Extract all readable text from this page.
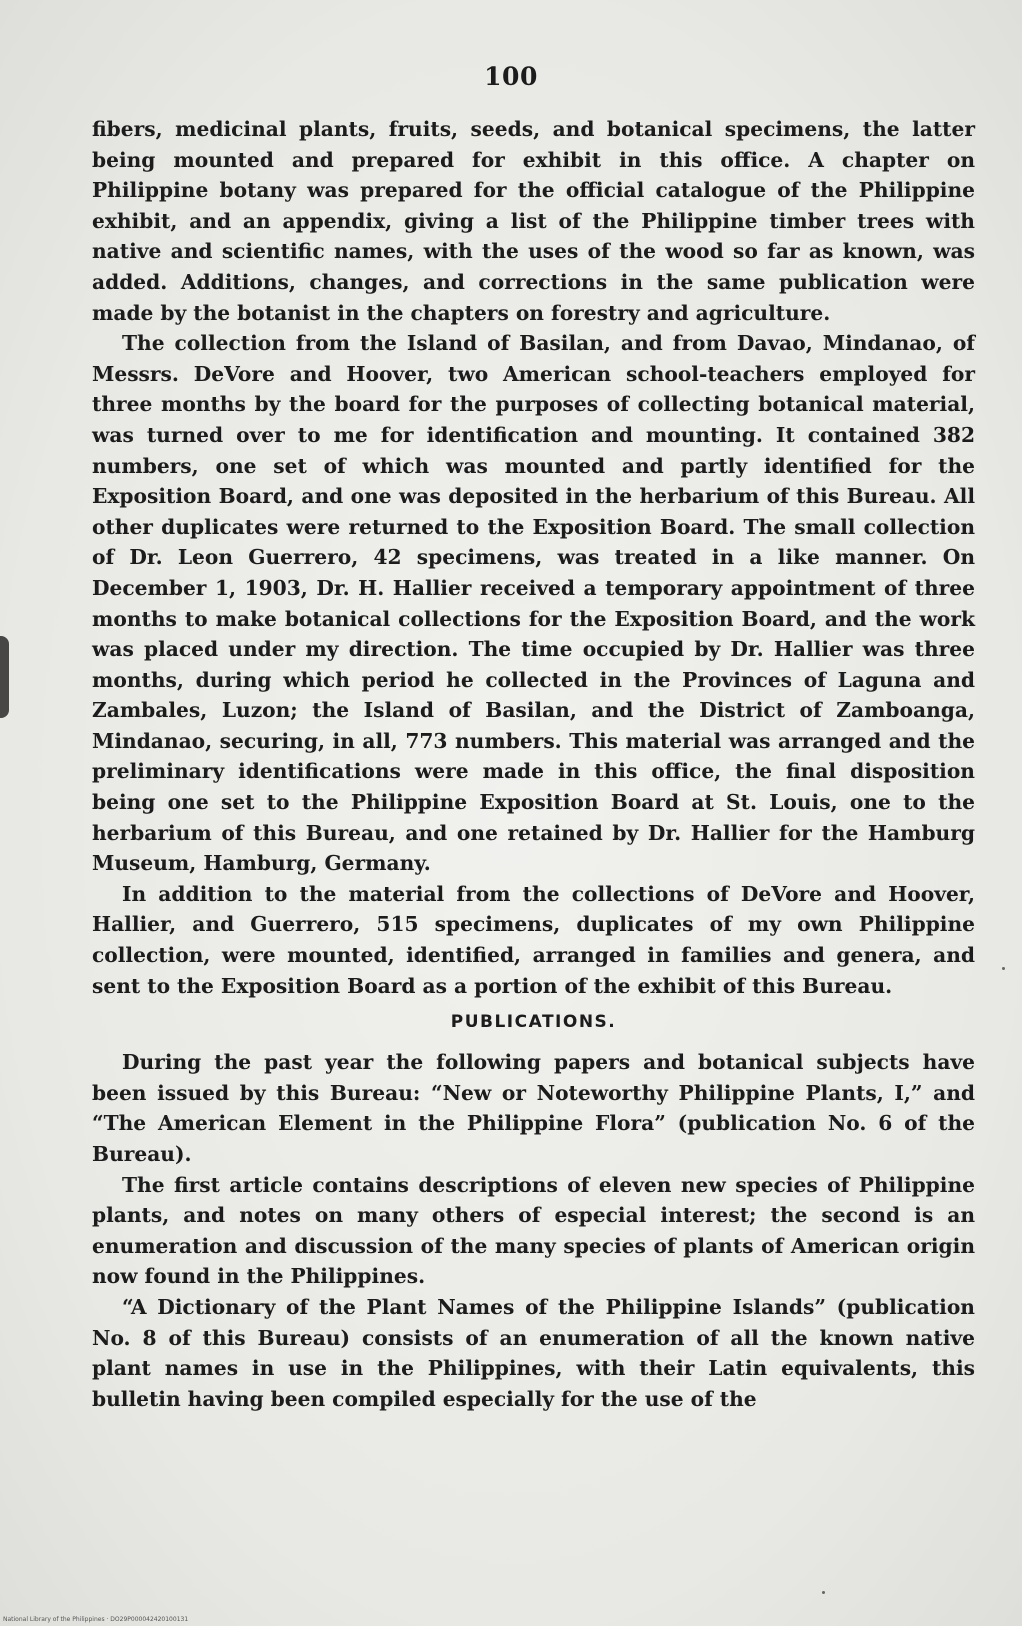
100

fibers, medicinal plants, fruits, seeds, and botanical specimens, the latter being mounted and prepared for exhibit in this office. A chapter on Philippine botany was prepared for the official catalogue of the Philippine exhibit, and an appendix, giving a list of the Philippine timber trees with native and scientific names, with the uses of the wood so far as known, was added. Additions, changes, and corrections in the same publication were made by the botanist in the chapters on forestry and agriculture.

The collection from the Island of Basilan, and from Davao, Mindanao, of Messrs. DeVore and Hoover, two American school-teachers employed for three months by the board for the purposes of collecting botanical material, was turned over to me for identification and mounting. It contained 382 numbers, one set of which was mounted and partly identified for the Exposition Board, and one was deposited in the herbarium of this Bureau. All other duplicates were returned to the Exposition Board. The small collection of Dr. Leon Guerrero, 42 specimens, was treated in a like manner. On December 1, 1903, Dr. H. Hallier received a temporary appointment of three months to make botanical collections for the Exposition Board, and the work was placed under my direction. The time occupied by Dr. Hallier was three months, during which period he collected in the Provinces of Laguna and Zambales, Luzon; the Island of Basilan, and the District of Zamboanga, Mindanao, securing, in all, 773 numbers. This material was arranged and the preliminary identifications were made in this office, the final disposition being one set to the Philippine Exposition Board at St. Louis, one to the herbarium of this Bureau, and one retained by Dr. Hallier for the Hamburg Museum, Hamburg, Germany.

In addition to the material from the collections of DeVore and Hoover, Hallier, and Guerrero, 515 specimens, duplicates of my own Philippine collection, were mounted, identified, arranged in families and genera, and sent to the Exposition Board as a portion of the exhibit of this Bureau.

PUBLICATIONS.

During the past year the following papers and botanical subjects have been issued by this Bureau: “New or Noteworthy Philippine Plants, I,” and “The American Element in the Philippine Flora” (publication No. 6 of the Bureau).

The first article contains descriptions of eleven new species of Philippine plants, and notes on many others of especial interest; the second is an enumeration and discussion of the many species of plants of American origin now found in the Philippines.

“A Dictionary of the Plant Names of the Philippine Islands” (publication No. 8 of this Bureau) consists of an enumeration of all the known native plant names in use in the Philippines, with their Latin equivalents, this bulletin having been compiled especially for the use of the

National Library of the Philippines · DO29P000042420100131
